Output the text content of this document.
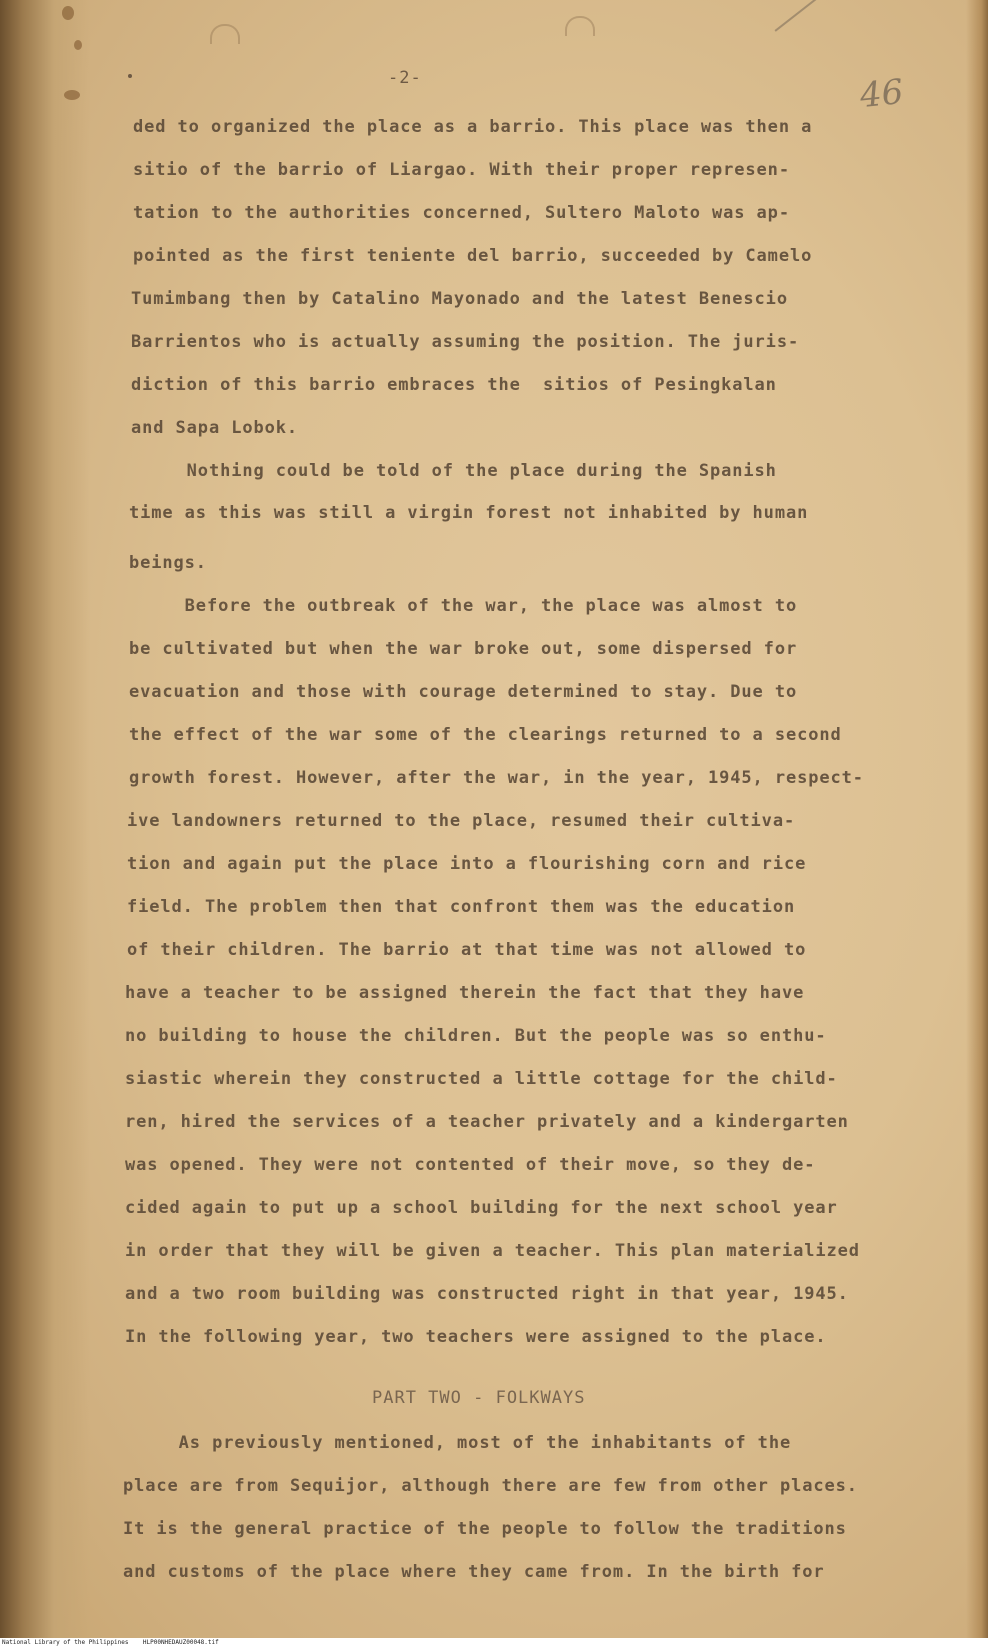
-2-	46
ded to organized the place as a barrio. This place was then a
sitio of the barrio of Liargao. With their proper represen-
tation to the authorities concerned, Sultero Maloto was ap-
pointed as the first teniente del barrio, succeeded by Camelo
Tumimbang then by Catalino Mayonado and the latest Benescio
Barrientos who is actually assuming the position. The juris-
diction of this barrio embraces the  sitios of Pesingkalan
and Sapa Lobok.
Nothing could be told of the place during the Spanish
time as this was still a virgin forest not inhabited by human
beings.
Before the outbreak of the war, the place was almost to
be cultivated but when the war broke out, some dispersed for
evacuation and those with courage determined to stay. Due to
the effect of the war some of the clearings returned to a second
growth forest. However, after the war, in the year, 1945, respect-
ive landowners returned to the place, resumed their cultiva-
tion and again put the place into a flourishing corn and rice
field. The problem then that confront them was the education
of their children. The barrio at that time was not allowed to
have a teacher to be assigned therein the fact that they have
no building to house the children. But the people was so enthu-
siastic wherein they constructed a little cottage for the child-
ren, hired the services of a teacher privately and a kindergarten
was opened. They were not contented of their move, so they de-
cided again to put up a school building for the next school year
in order that they will be given a teacher. This plan materialized
and a two room building was constructed right in that year, 1945.
In the following year, two teachers were assigned to the place.
PART TWO - FOLKWAYS
As previously mentioned, most of the inhabitants of the
place are from Sequijor, although there are few from other places.
It is the general practice of the people to follow the traditions
and customs of the place where they came from. In the birth for
National Library of the Philippines    HLP00NHEDAUZ00048.tif
